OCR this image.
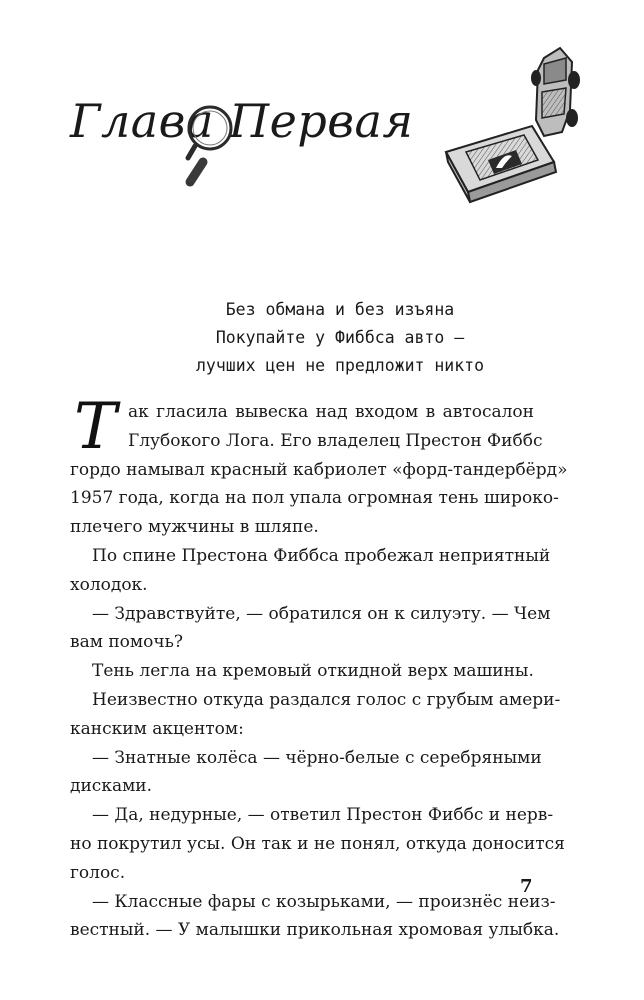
Глава Первая
Без обмана и без изъяна
Покупайте у Фиббса авто —
лучших цен не предложит никто
Т ак гласила вывеска над входом в автосалон
Глубокого Лога. Его владелец Престон Фиббс
гордо намывал красный кабриолет «форд-тандербёрд»
1957 года, когда на пол упала огромная тень широко-
плечего мужчины в шляпе.
По спине Престона Фиббса пробежал неприятный
холодок.
— Здравствуйте, — обратился он к силуэту. — Чем
вам помочь?
Тень легла на кремовый откидной верх машины.
Неизвестно откуда раздался голос с грубым амери-
канским акцентом:
— Знатные колёса — чёрно-белые с серебряными
дисками.
— Да, недурные, — ответил Престон Фиббс и нерв-
но покрутил усы. Он так и не понял, откуда доносится
голос.
— Классные фары с козырьками, — произнёс неиз-
вестный. — У малышки прикольная хромовая улыбка.
7
